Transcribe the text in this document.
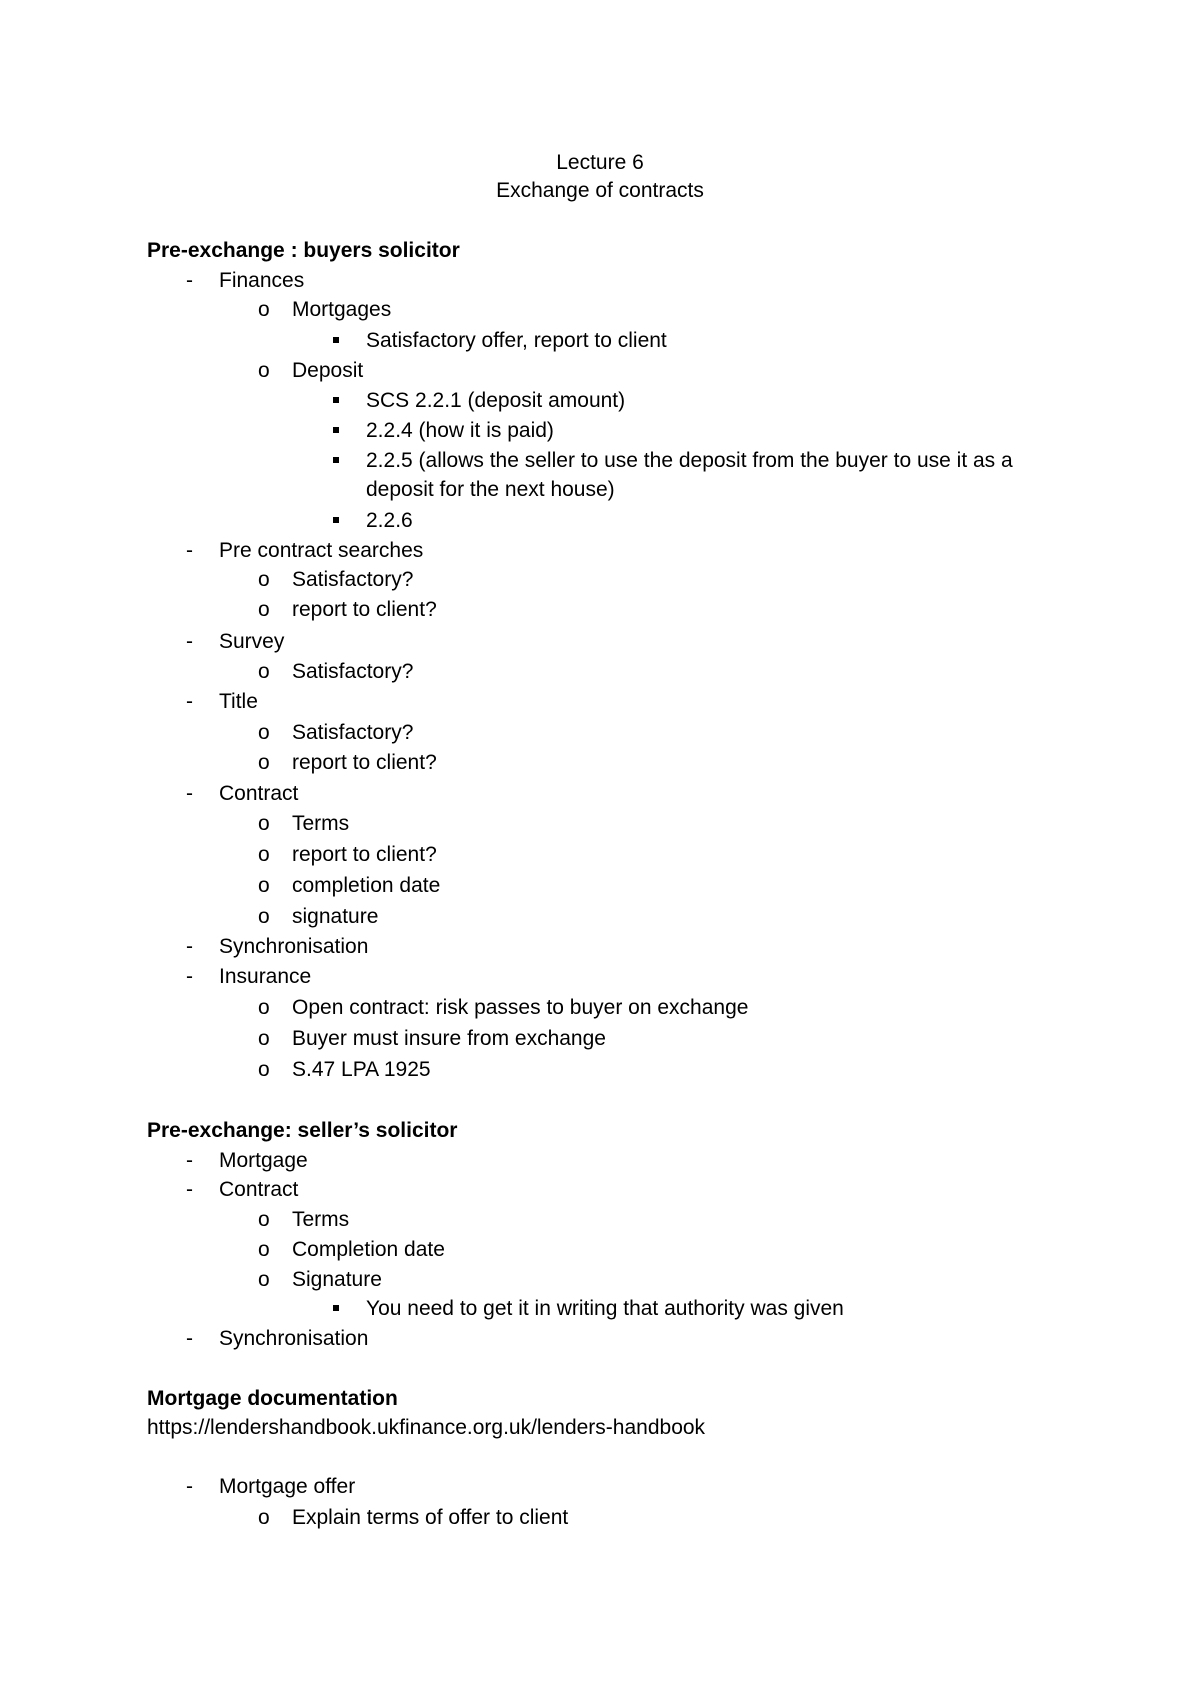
Lecture 6
Exchange of contracts
Pre-exchange : buyers solicitor
- Finances
o Mortgages
Satisfactory offer, report to client
o Deposit
SCS 2.2.1 (deposit amount)
2.2.4 (how it is paid)
2.2.5 (allows the seller to use the deposit from the buyer to use it as a
deposit for the next house)
2.2.6
- Pre contract searches
o Satisfactory?
o report to client?
- Survey
o Satisfactory?
- Title
o Satisfactory?
o report to client?
- Contract
o Terms
o report to client?
o completion date
o signature
- Synchronisation
- Insurance
o Open contract: risk passes to buyer on exchange
o Buyer must insure from exchange
o S.47 LPA 1925
Pre-exchange: seller’s solicitor
- Mortgage
- Contract
o Terms
o Completion date
o Signature
You need to get it in writing that authority was given
- Synchronisation
Mortgage documentation
https://lendershandbook.ukfinance.org.uk/lenders-handbook
- Mortgage offer
o Explain terms of offer to client
